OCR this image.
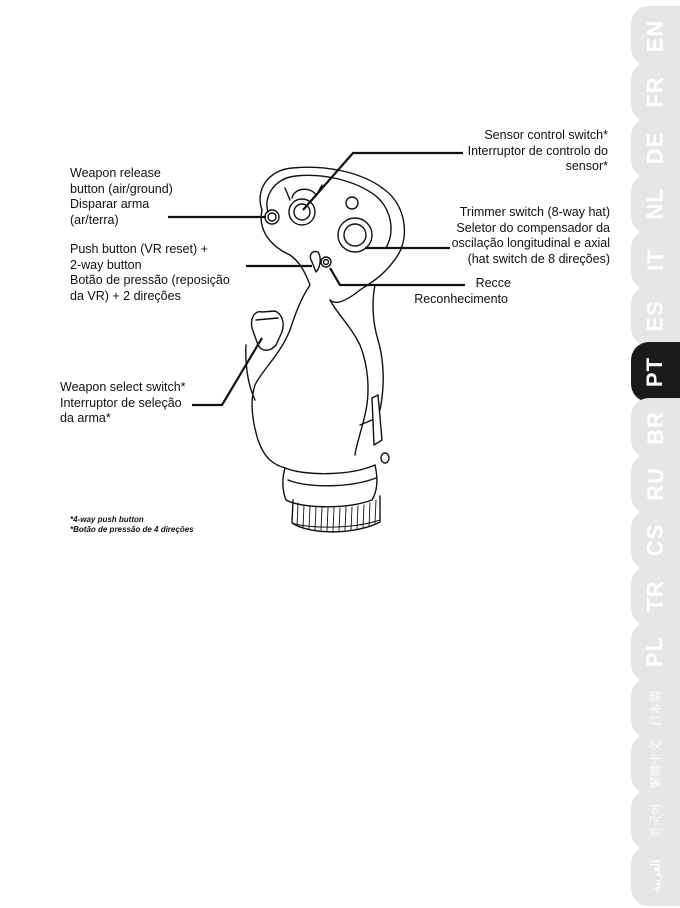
Weapon release
button (air/ground)
Disparar arma
(ar/terra)
Push button (VR reset) +
2-way button
Botão de pressão (reposição
da VR) + 2 direções
Weapon select switch*
Interruptor de seleção
da arma*
Sensor control switch*
Interruptor de controlo do
sensor*
Trimmer switch (8-way hat)
Seletor do compensador da
oscilação longitudinal e axial
(hat switch de 8 direções)
Recce
Reconhecimento
*4-way push button
*Botão de pressão de 4 direções
EN
FR
DE
NL
IT
ES
PT
BR
RU
CS
TR
PL
日本語
繁體中文
한국어
العربية
